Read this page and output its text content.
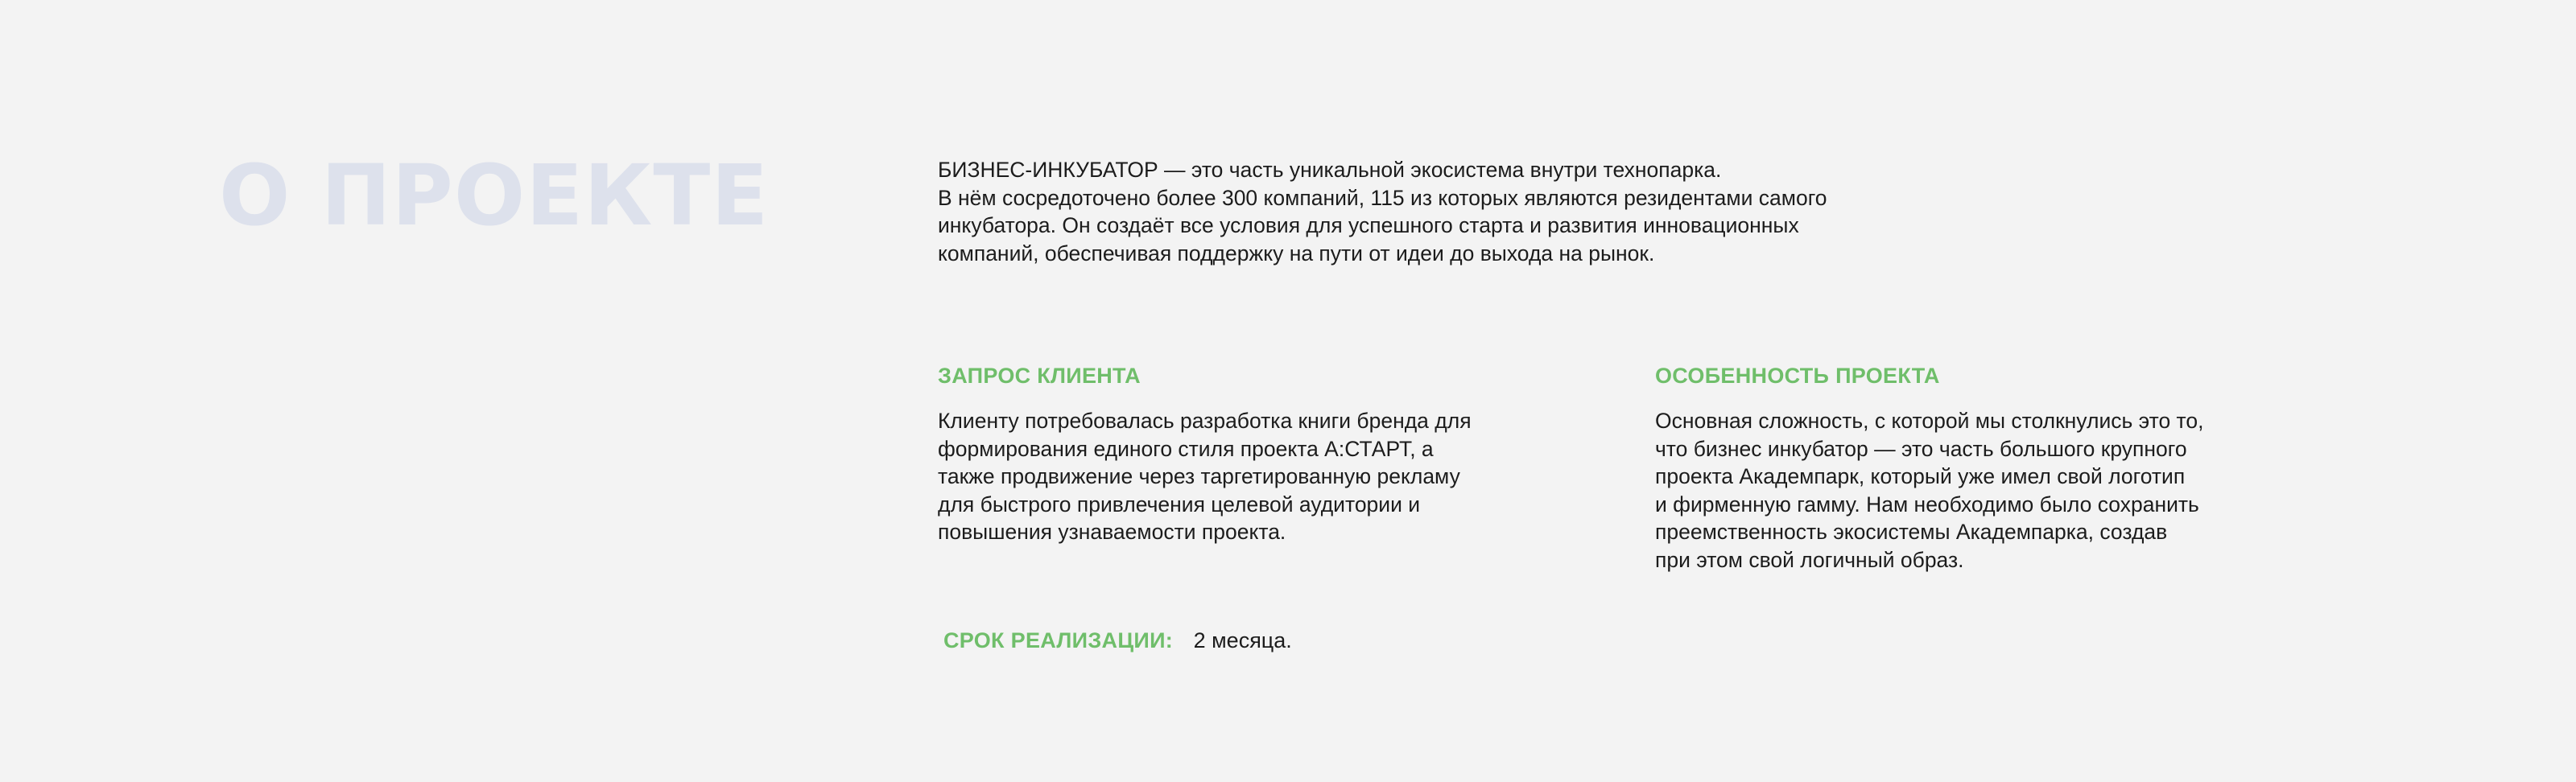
О ПРОЕКТЕ	БИЗНЕС-ИНКУБАТОР — это часть уникальной экосистема внутри технопарка.

В нём сосредоточено более 300 компаний, 115 из которых являются резидентами самого

инкубатора. Он создаёт все условия для успешного старта и развития инновационных

компаний, обеспечивая поддержку на пути от идеи до выхода на рынок.

ЗАПРОС КЛИЕНТА
Клиенту потребовалась разработка книги бренда для
формирования единого стиля проекта А:СТАРТ, а
также продвижение через таргетированную рекламу
для быстрого привлечения целевой аудитории и
повышения узнаваемости проекта.
ОСОБЕННОСТЬ ПРОЕКТА
Основная сложность, с которой мы столкнулись это то,
что бизнес инкубатор — это часть большого крупного
проекта Академпарк, который уже имел свой логотип
и фирменную гамму. Нам необходимо было сохранить
преемственность экосистемы Академпарка, создав
при этом свой логичный образ.
СРОК РЕАЛИЗАЦИИ: 2 месяца.
